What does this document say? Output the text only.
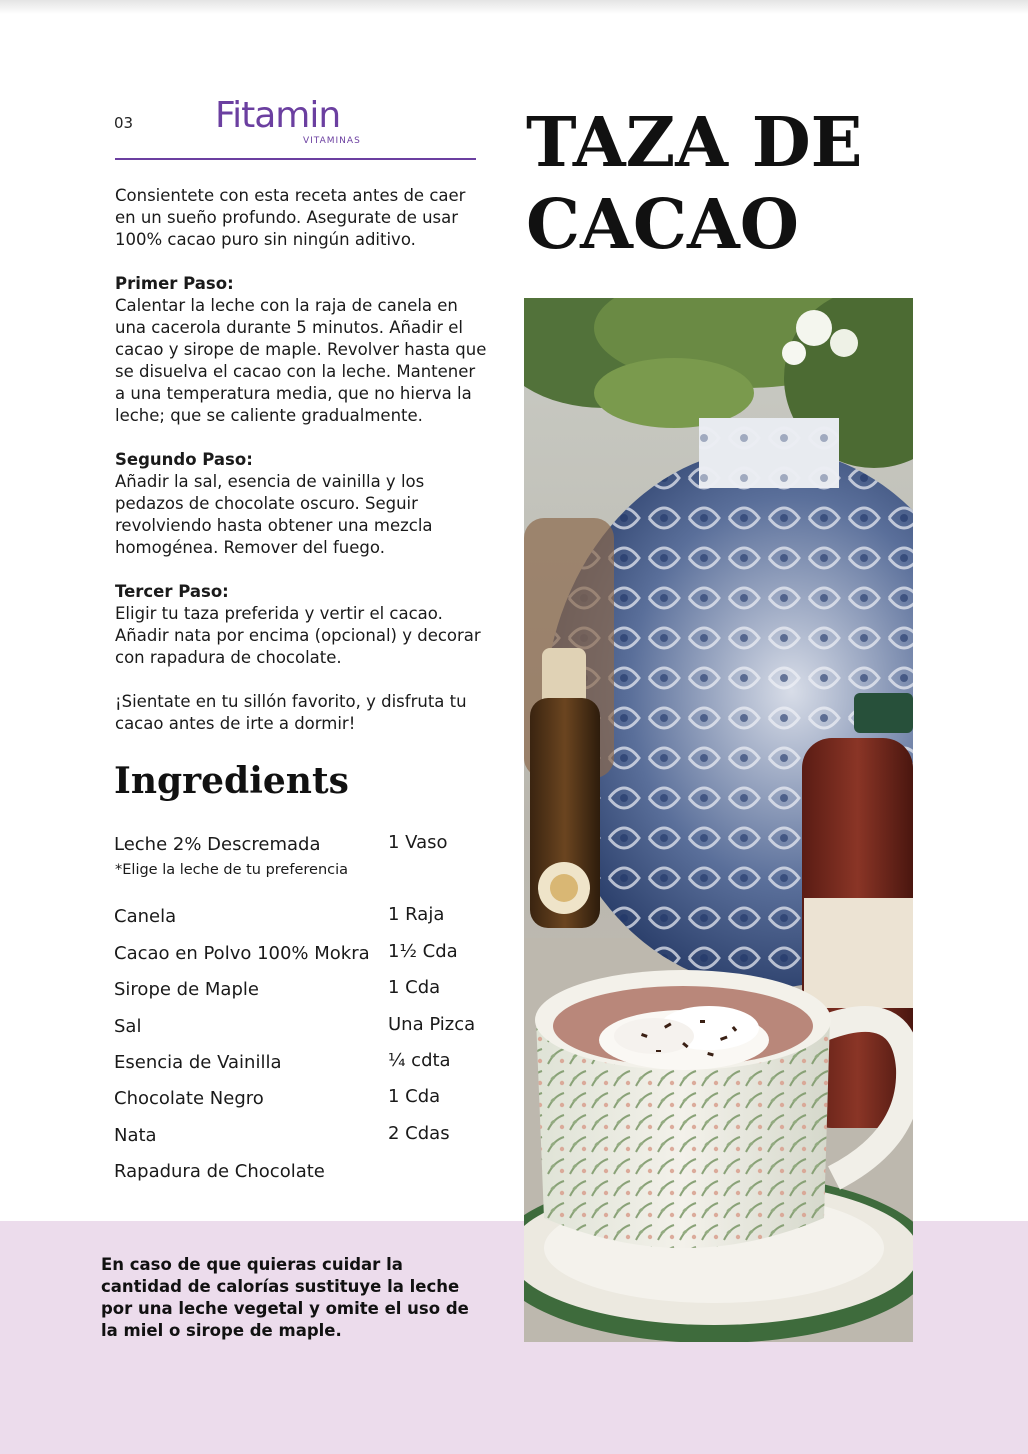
03 Fitamin
VITAMINAS TAZA DE
CACAO

Consientete con esta receta antes de caer en un sueño profundo. Asegurate de usar 100% cacao puro sin ningún aditivo.

Primer Paso:
Calentar la leche con la raja de canela en una cacerola durante 5 minutos. Añadir el cacao y sirope de maple. Revolver hasta que se disuelva el cacao con la leche. Mantener a una temperatura media, que no hierva la leche; que se caliente gradualmente.

Segundo Paso:
Añadir la sal, esencia de vainilla y los pedazos de chocolate oscuro. Seguir revolviendo hasta obtener una mezcla homogénea. Remover del fuego.

Tercer Paso:
Eligir tu taza preferida y vertir el cacao. Añadir nata por encima (opcional) y decorar con rapadura de chocolate.

¡Sientate en tu sillón favorito, y disfruta tu cacao antes de irte a dormir!

Ingredients
Leche 2% Descremada	1 Vaso
*Elige la leche de tu preferencia
Canela	1 Raja
Cacao en Polvo 100% Mokra 1½ Cda
Sirope de Maple	1 Cda
Sal	Una Pizca
Esencia de Vainilla	¼ cdta
Chocolate Negro	1 Cda
Nata	2 Cdas
Rapadura de Chocolate
En caso de que quieras cuidar la cantidad de calorías sustituye la leche por una leche vegetal y omite el uso de la miel o sirope de maple.
